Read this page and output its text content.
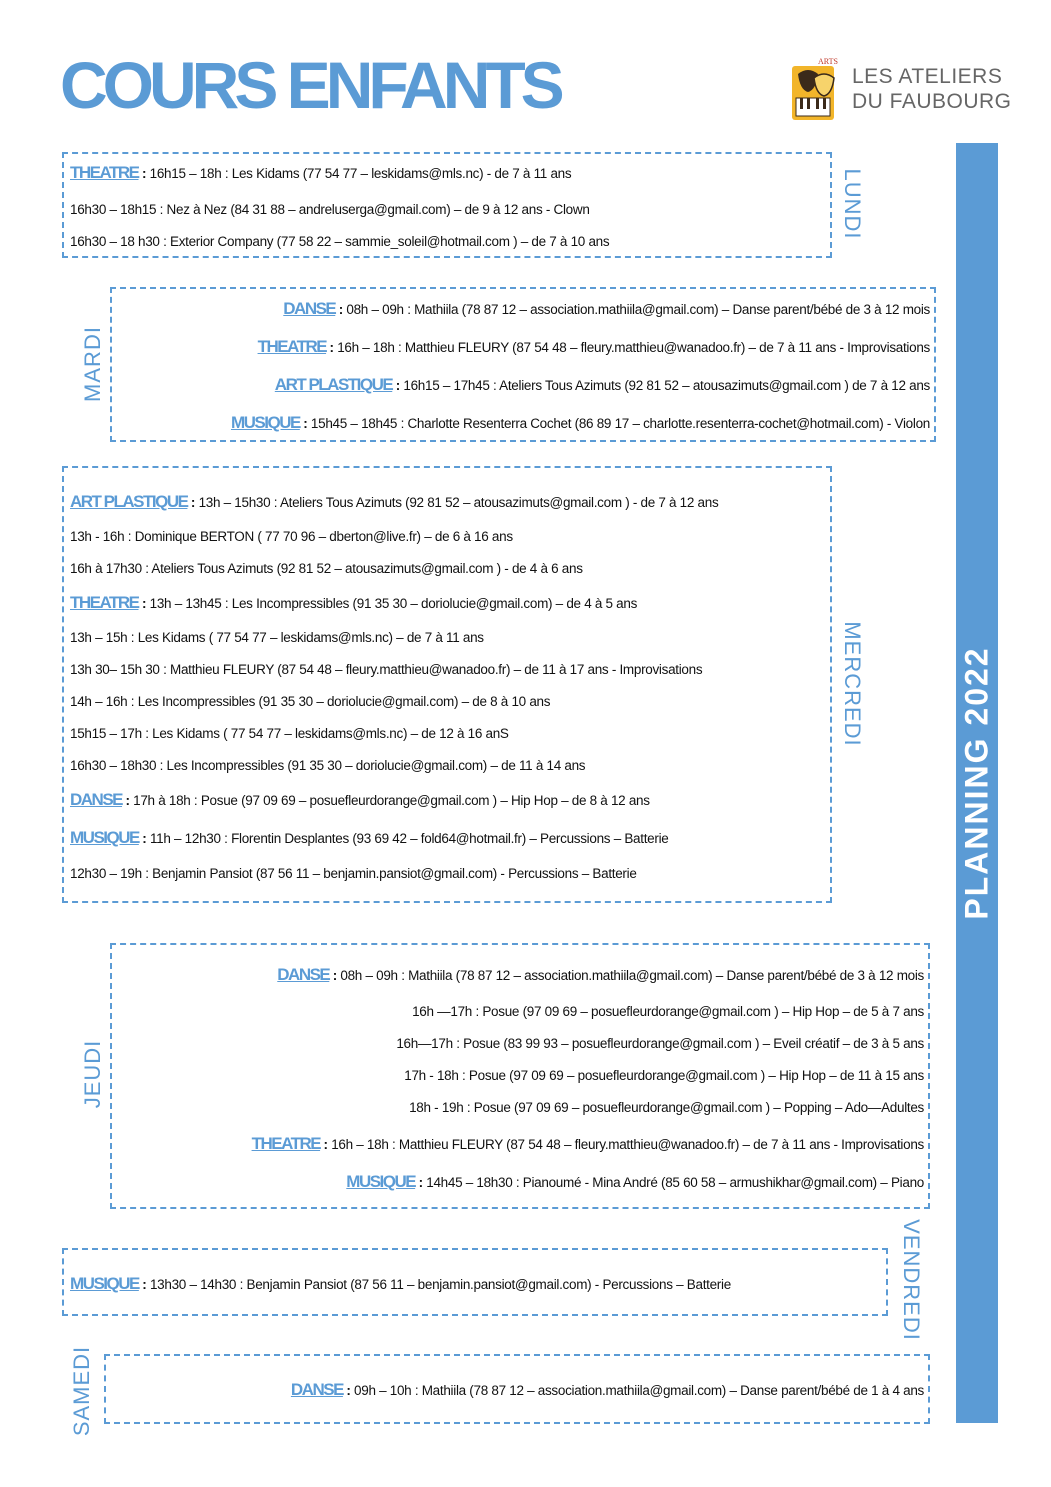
COURS ENFANTS	ARTS
LES ATELIERS
DU FAUBOURG
PLANNING 2022
LUNDI
THEATRE : 16h15 – 18h : Les Kidams (77 54 77 – leskidams@mls.nc) - de 7 à 11 ans
16h30 – 18h15 : Nez à Nez (84 31 88 – andreluserga@gmail.com) – de 9 à 12 ans - Clown
16h30 – 18 h30 : Exterior Company (77 58 22 – sammie_soleil@hotmail.com ) – de 7 à 10 ans
MARDI
DANSE : 08h – 09h : Mathiila (78 87 12 – association.mathiila@gmail.com) – Danse parent/bébé de 3 à 12 mois
THEATRE : 16h – 18h : Matthieu FLEURY (87 54 48 – fleury.matthieu@wanadoo.fr) – de 7 à 11 ans - Improvisations
ART PLASTIQUE : 16h15 – 17h45 : Ateliers Tous Azimuts (92 81 52 – atousazimuts@gmail.com ) de 7 à 12 ans
MUSIQUE : 15h45 – 18h45 : Charlotte Resenterra Cochet (86 89 17 – charlotte.resenterra-cochet@hotmail.com) - Violon
MERCREDI
ART PLASTIQUE : 13h – 15h30 : Ateliers Tous Azimuts (92 81 52 – atousazimuts@gmail.com ) - de 7 à 12 ans
13h - 16h : Dominique BERTON ( 77 70 96 – dberton@live.fr) – de 6 à 16 ans
16h à 17h30 : Ateliers Tous Azimuts (92 81 52 – atousazimuts@gmail.com ) - de 4 à 6 ans
THEATRE : 13h – 13h45 : Les Incompressibles (91 35 30 – doriolucie@gmail.com) – de 4 à 5 ans
13h – 15h : Les Kidams ( 77 54 77 – leskidams@mls.nc) – de 7 à 11 ans
13h 30– 15h 30 : Matthieu FLEURY (87 54 48 – fleury.matthieu@wanadoo.fr) – de 11 à 17 ans - Improvisations
14h – 16h : Les Incompressibles (91 35 30 – doriolucie@gmail.com) – de 8 à 10 ans
15h15 – 17h : Les Kidams ( 77 54 77 – leskidams@mls.nc) – de 12 à 16 anS
16h30 – 18h30 : Les Incompressibles (91 35 30 – doriolucie@gmail.com) – de 11 à 14 ans
DANSE : 17h à 18h : Posue (97 09 69 – posuefleurdorange@gmail.com ) – Hip Hop – de 8 à 12 ans
MUSIQUE : 11h – 12h30 : Florentin Desplantes (93 69 42 – fold64@hotmail.fr) – Percussions – Batterie
12h30 – 19h : Benjamin Pansiot (87 56 11 – benjamin.pansiot@gmail.com) - Percussions – Batterie
JEUDI
DANSE : 08h – 09h : Mathiila (78 87 12 – association.mathiila@gmail.com) – Danse parent/bébé de 3 à 12 mois
16h —17h : Posue (97 09 69 – posuefleurdorange@gmail.com ) – Hip Hop – de 5 à 7 ans
16h—17h : Posue (83 99 93 – posuefleurdorange@gmail.com ) – Eveil créatif – de 3 à 5 ans
17h - 18h : Posue (97 09 69 – posuefleurdorange@gmail.com ) – Hip Hop – de 11 à 15 ans
18h - 19h : Posue (97 09 69 – posuefleurdorange@gmail.com ) – Popping – Ado—Adultes
THEATRE : 16h – 18h : Matthieu FLEURY (87 54 48 – fleury.matthieu@wanadoo.fr) – de 7 à 11 ans - Improvisations
MUSIQUE : 14h45 – 18h30 : Pianoumé - Mina André (85 60 58 – armushikhar@gmail.com) – Piano
VENDREDI
MUSIQUE : 13h30 – 14h30 : Benjamin Pansiot (87 56 11 – benjamin.pansiot@gmail.com) - Percussions – Batterie
SAMEDI	DANSE : 09h – 10h : Mathiila (78 87 12 – association.mathiila@gmail.com) – Danse parent/bébé de 1 à 4 ans
